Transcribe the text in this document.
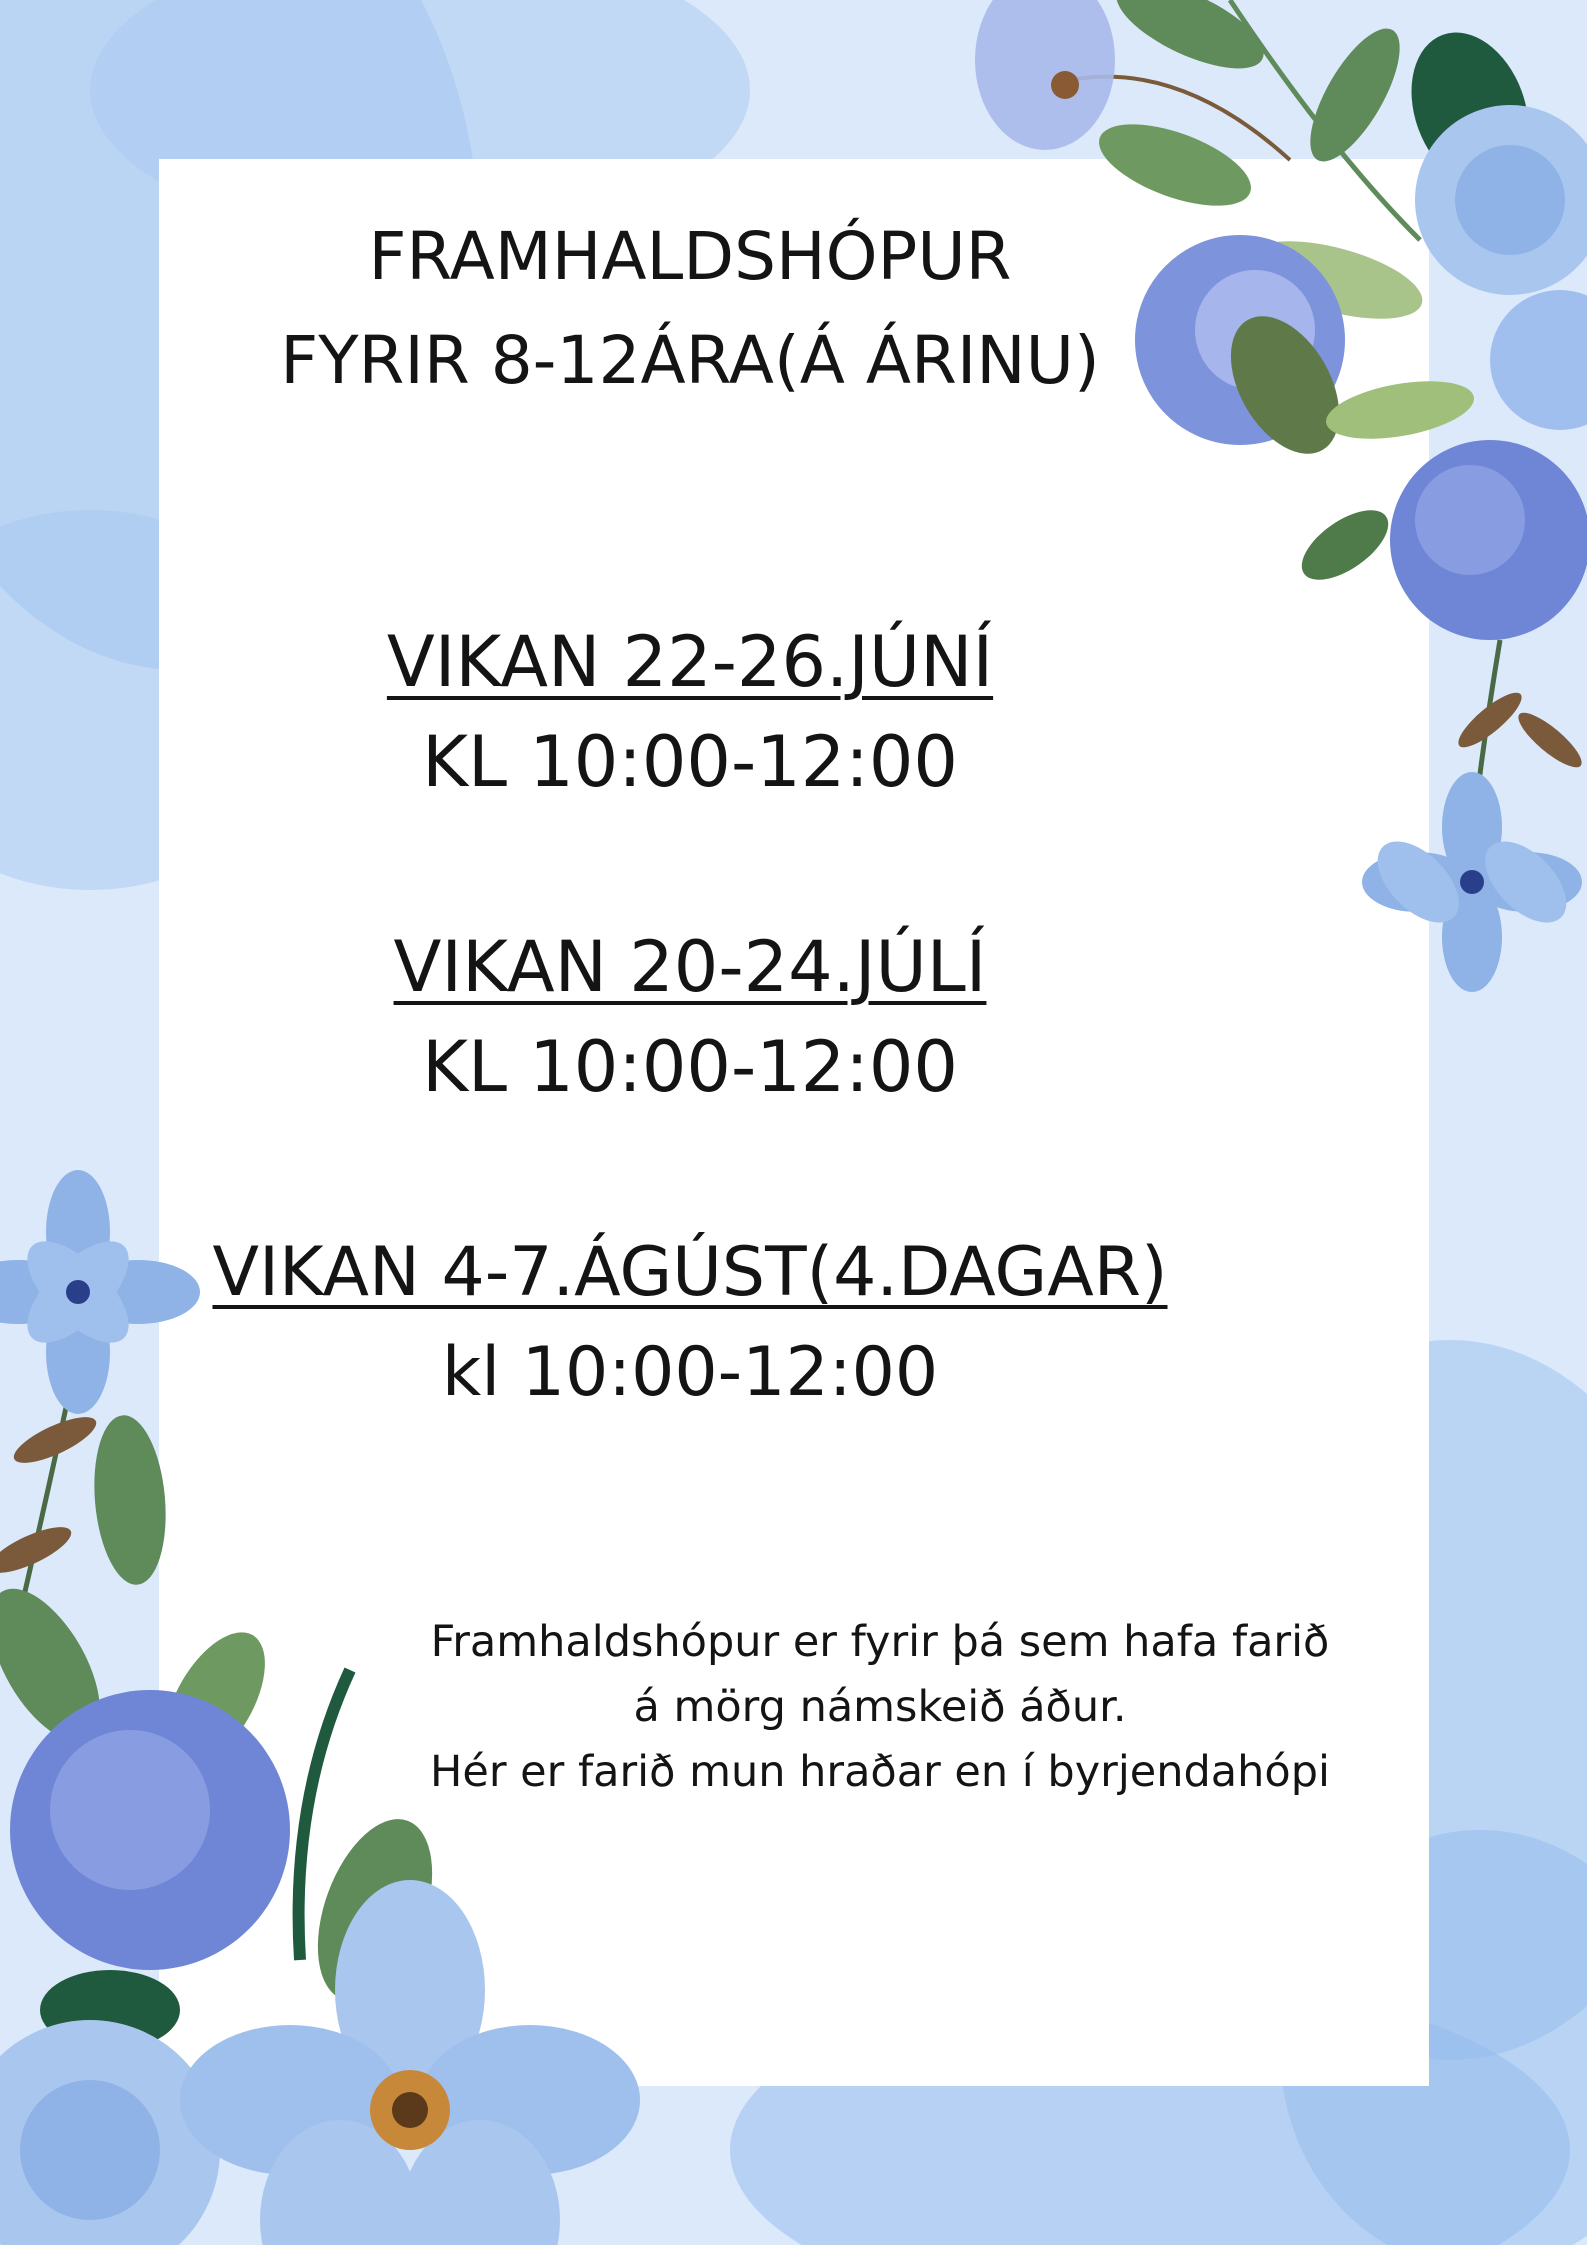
FRAMHALDSHÓPUR
FYRIR 8-12ÁRA(Á ÁRINU)
VIKAN 22-26.JÚNÍ
KL 10:00-12:00
VIKAN 20-24.JÚLÍ
KL 10:00-12:00
VIKAN 4-7.ÁGÚST(4.DAGAR)
kl 10:00-12:00
Framhaldshópur er fyrir þá sem hafa farið
á mörg námskeið áður.
Hér er farið mun hraðar en í byrjendahópi
